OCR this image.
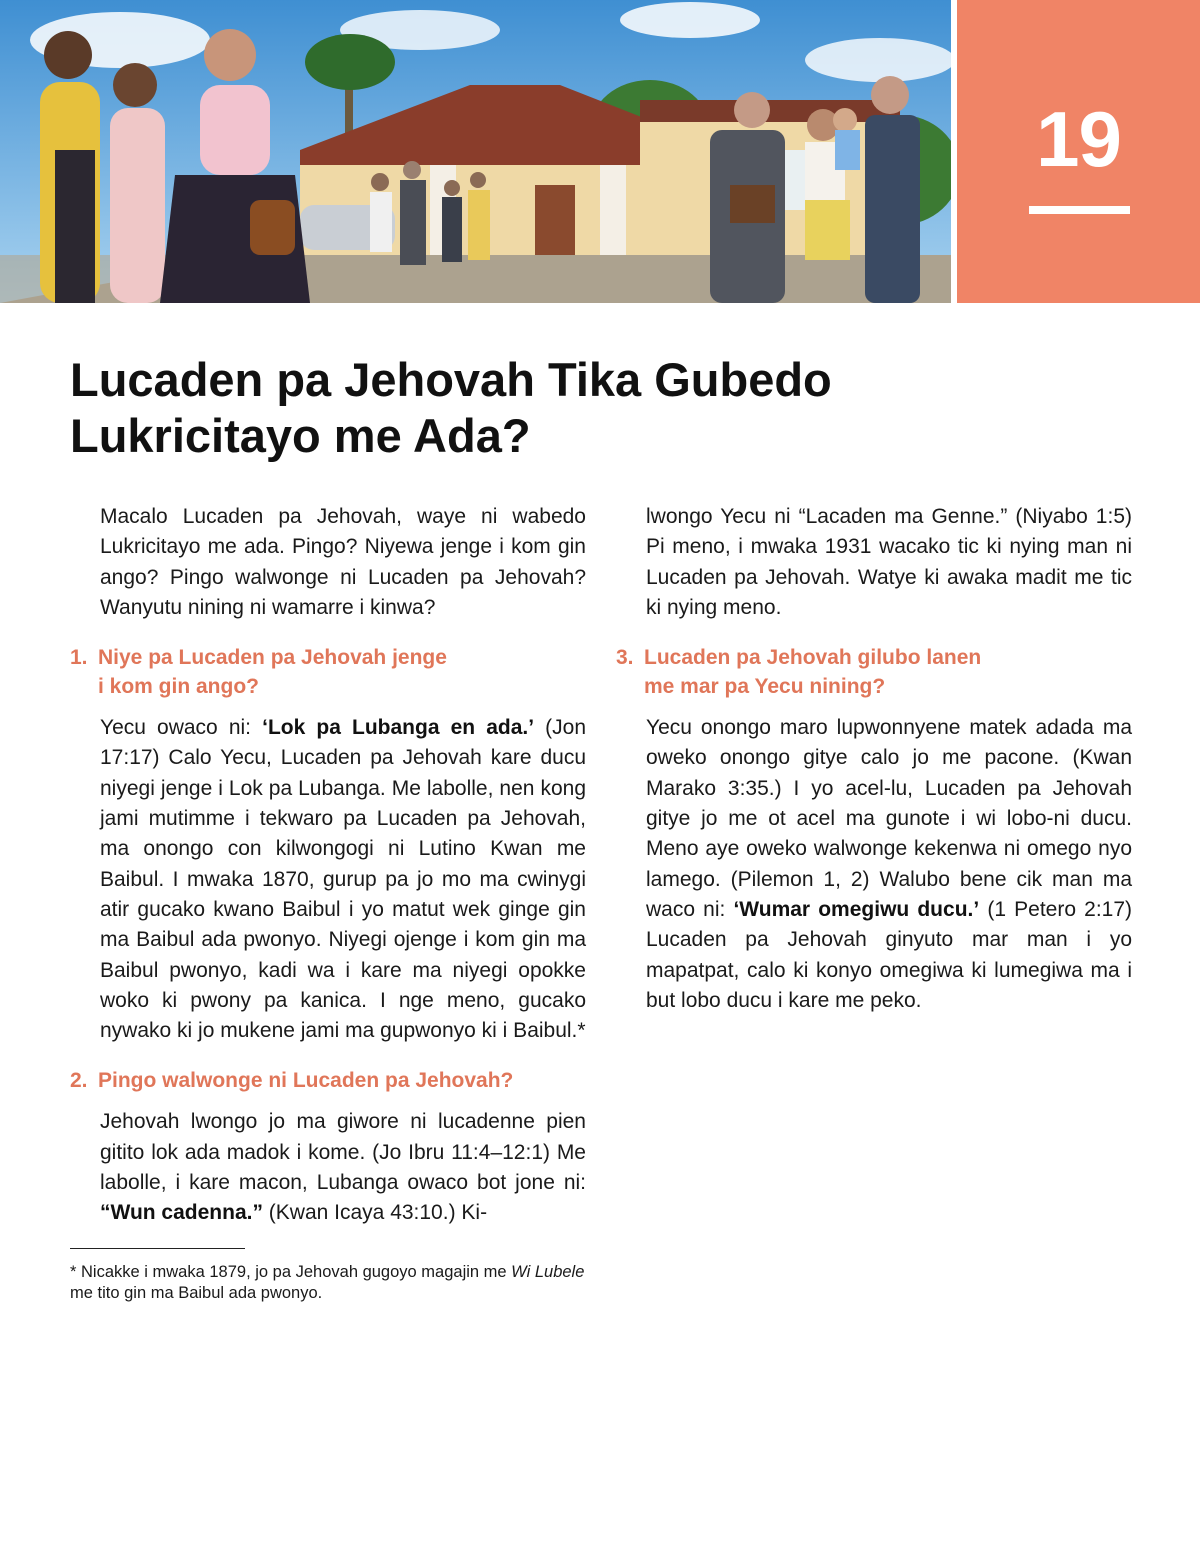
19
Lucaden pa Jehovah Tika Gubedo
Lukricitayo me Ada?

Macalo Lucaden pa Jehovah, waye ni wabedo Lukricitayo me ada. Pingo? Niyewa jenge i kom gin ango? Pingo walwonge ni Lucaden pa Jehovah? Wanyutu nining ni wamarre i kinwa?

1. Niye pa Lucaden pa Jehovah jenge
i kom gin ango?

Yecu owaco ni: ‘Lok pa Lubanga en ada.’ (Jon 17:17) Calo Yecu, Lucaden pa Jehovah kare ducu niyegi jenge i Lok pa Lubanga. Me labolle, nen kong jami mutimme i tekwaro pa Lucaden pa Jehovah, ma onongo con kilwongogi ni Lutino Kwan me Baibul. I mwaka 1870, gurup pa jo mo ma cwinygi atir gucako kwano Baibul i yo matut wek ginge gin ma Baibul ada pwonyo. Niyegi ojenge i kom gin ma Baibul pwonyo, kadi wa i kare ma niyegi opokke woko ki pwony pa kanica. I nge meno, gucako nywako ki jo mukene jami ma gupwonyo ki i Baibul.*

2. Pingo walwonge ni Lucaden pa Jehovah?

Jehovah lwongo jo ma giwore ni lucadenne pien gitito lok ada madok i kome. (Jo Ibru 11:4–12:1) Me labolle, i kare macon, Lubanga owaco bot jone ni: “Wun cadenna.” (Kwan Icaya 43:10.) Ki-

* Nicakke i mwaka 1879, jo pa Jehovah gugoyo magajin me Wi Lubele me tito gin ma Baibul ada pwonyo.

lwongo Yecu ni “Lacaden ma Genne.” (Niyabo 1:5) Pi meno, i mwaka 1931 wacako tic ki nying man ni Lucaden pa Jehovah. Watye ki awaka madit me tic ki nying meno.

3. Lucaden pa Jehovah gilubo lanen
me mar pa Yecu nining?

Yecu onongo maro lupwonnyene matek adada ma oweko onongo gitye calo jo me pacone. (Kwan Marako 3:35.) I yo acel-lu, Lucaden pa Jehovah gitye jo me ot acel ma gunote i wi lobo-ni ducu. Meno aye oweko walwonge kekenwa ni omego nyo lamego. (Pilemon 1, 2) Walubo bene cik man ma waco ni: ‘Wumar omegiwu ducu.’ (1 Petero 2:17) Lucaden pa Jehovah ginyuto mar man i yo mapatpat, calo ki konyo omegiwa ki lumegiwa ma i but lobo ducu i kare me peko.
